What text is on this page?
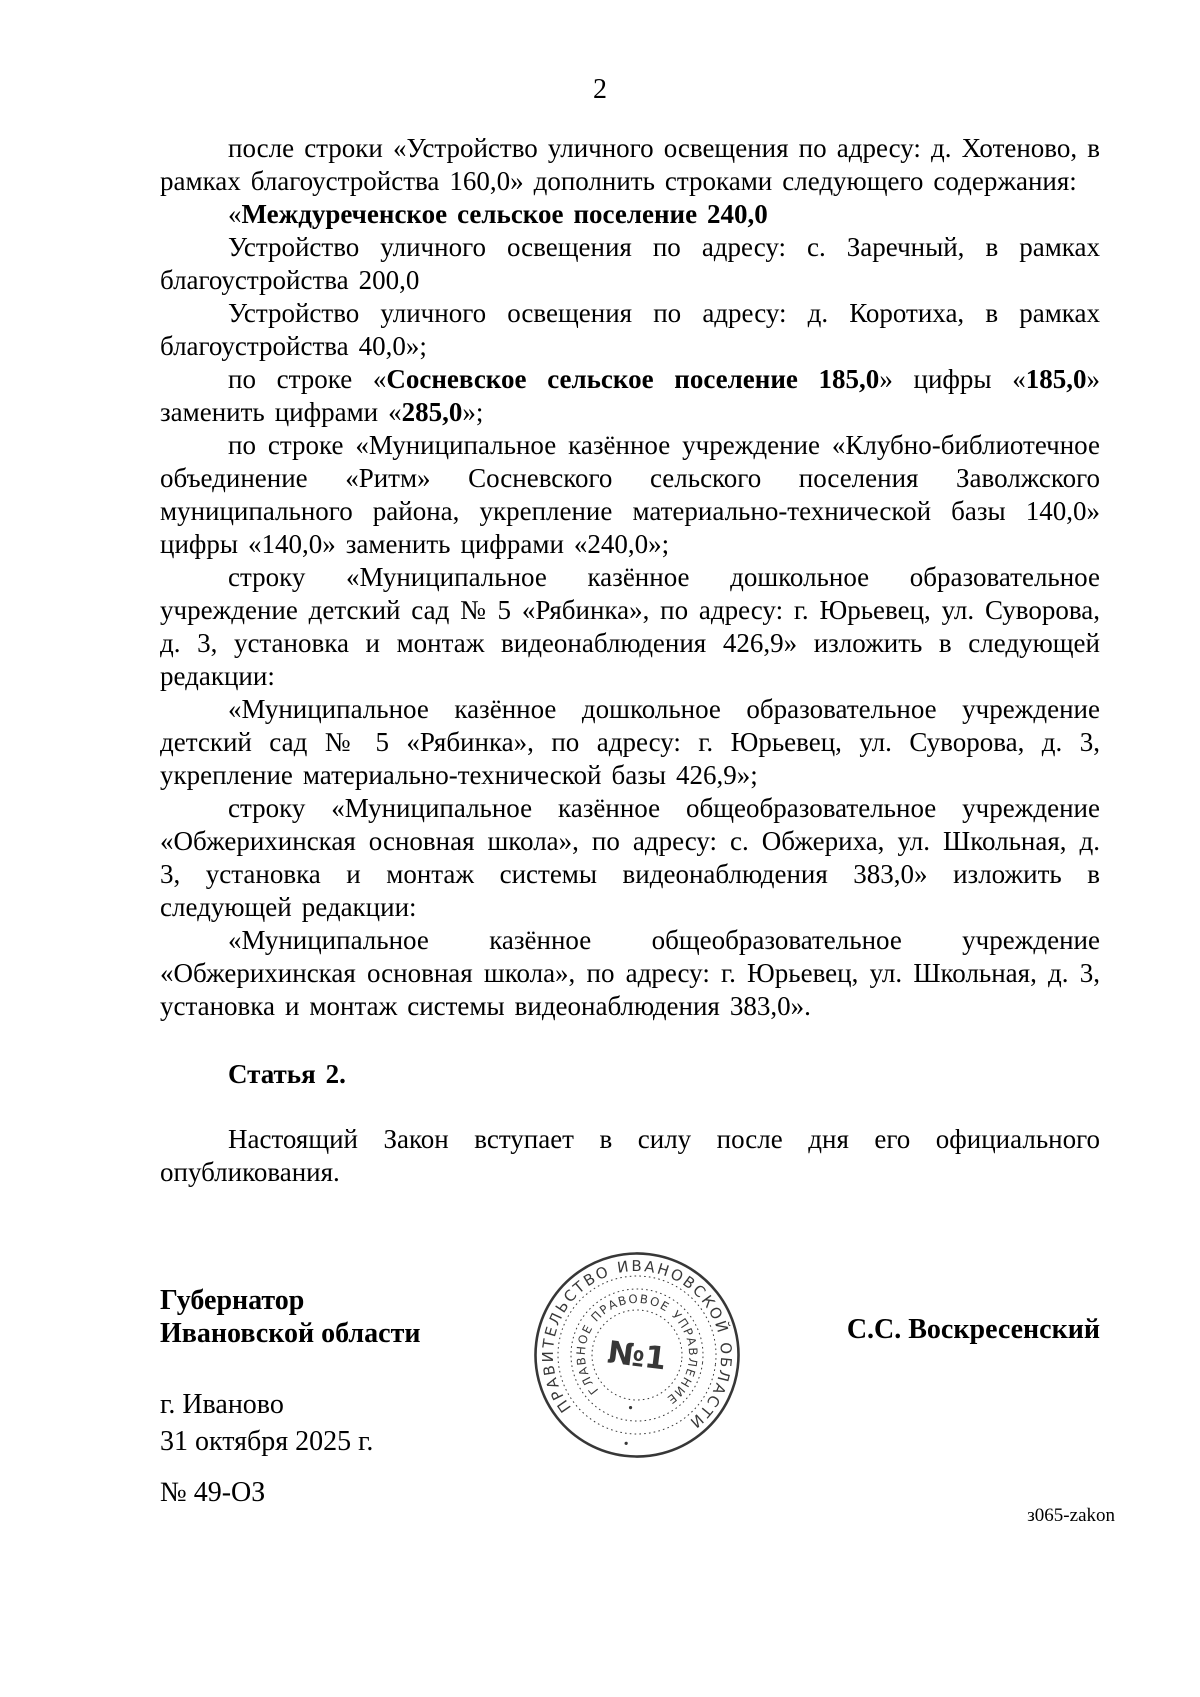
2

после строки «Устройство уличного освещения по адресу: д. Хотеново, в рамках благоустройства 160,0» дополнить строками следующего содержания:

«Междуреченское сельское поселение 240,0

Устройство уличного освещения по адресу: с. Заречный, в рамках благоустройства 200,0

Устройство уличного освещения по адресу: д. Коротиха, в рамках благоустройства 40,0»;

по строке «Сосневское сельское поселение 185,0» цифры «185,0» заменить цифрами «285,0»;

по строке «Муниципальное казённое учреждение «Клубно-библиотечное объединение «Ритм» Сосневского сельского поселения Заволжского муниципального района, укрепление материально-технической базы 140,0» цифры «140,0» заменить цифрами «240,0»;

строку «Муниципальное казённое дошкольное образовательное учреждение детский сад № 5 «Рябинка», по адресу: г. Юрьевец, ул. Суворова, д. 3, установка и монтаж видеонаблюдения 426,9» изложить в следующей редакции:

«Муниципальное казённое дошкольное образовательное учреждение детский сад № 5 «Рябинка», по адресу: г. Юрьевец, ул. Суворова, д. 3, укрепление материально-технической базы 426,9»;

строку «Муниципальное казённое общеобразовательное учреждение «Обжерихинская основная школа», по адресу: с. Обжериха, ул. Школьная, д. 3, установка и монтаж системы видеонаблюдения 383,0» изложить в следующей редакции:

«Муниципальное казённое общеобразовательное учреждение «Обжерихинская основная школа», по адресу: г. Юрьевец, ул. Школьная, д. 3, установка и монтаж системы видеонаблюдения 383,0».

Статья 2.

Настоящий Закон вступает в силу после дня его официального опубликования.

Губернатор
Ивановской области	С.С. Воскресенский
ПРАВИТЕЛЬСТВО ИВАНОВСКОЙ ОБЛАСТИ
ГЛАВНОЕ ПРАВОВОЕ УПРАВЛЕНИЕ
№1
г. Иваново
31 октября 2025 г.
№ 49-ОЗ
з065-zakon
